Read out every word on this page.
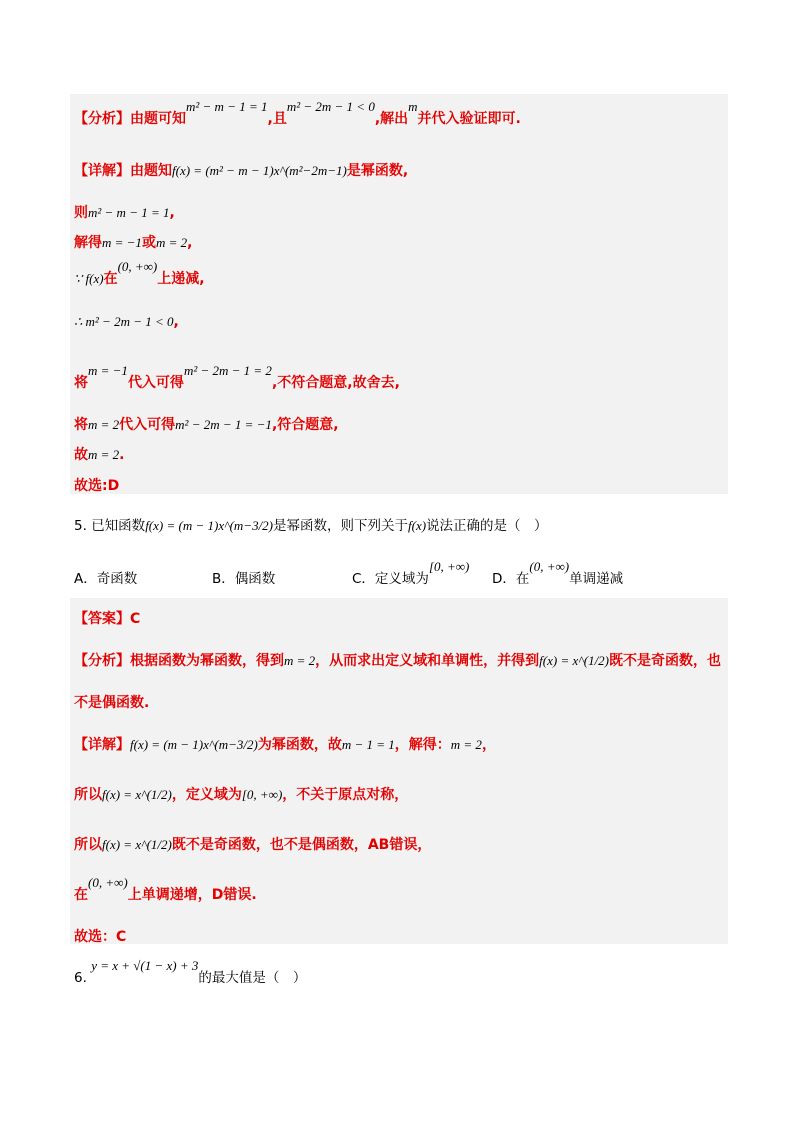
【分析】由题可知m² − m − 1 = 1,且m² − 2m − 1 < 0,解出m并代入验证即可.
【详解】由题知f(x) = (m² − m − 1)x^(m²−2m−1)是幂函数,
则m² − m − 1 = 1,
解得m = −1或m = 2,
∵ f(x)在(0, +∞)上递减,
∴ m² − 2m − 1 < 0,
将m = −1代入可得m² − 2m − 1 = 2,不符合题意,故舍去,
将m = 2代入可得m² − 2m − 1 = −1,符合题意,
故m = 2.
故选:D
5. 已知函数f(x) = (m − 1)x^(m−3/2)是幂函数，则下列关于f(x)说法正确的是（　）
A．奇函数	B．偶函数	C．定义域为[0, +∞)
D．在(0, +∞)单调递减
【答案】C
【分析】根据函数为幂函数，得到m = 2，从而求出定义域和单调性，并得到f(x) = x^(1/2)既不是奇函数，也
不是偶函数.
【详解】f(x) = (m − 1)x^(m−3/2)为幂函数，故m − 1 = 1，解得：m = 2，
所以f(x) = x^(1/2)，定义域为[0, +∞)，不关于原点对称，
所以f(x) = x^(1/2)既不是奇函数，也不是偶函数，AB错误，
在(0, +∞)上单调递增，D错误.
故选：C
6. y = x + √(1 − x) + 3的最大值是（　）
